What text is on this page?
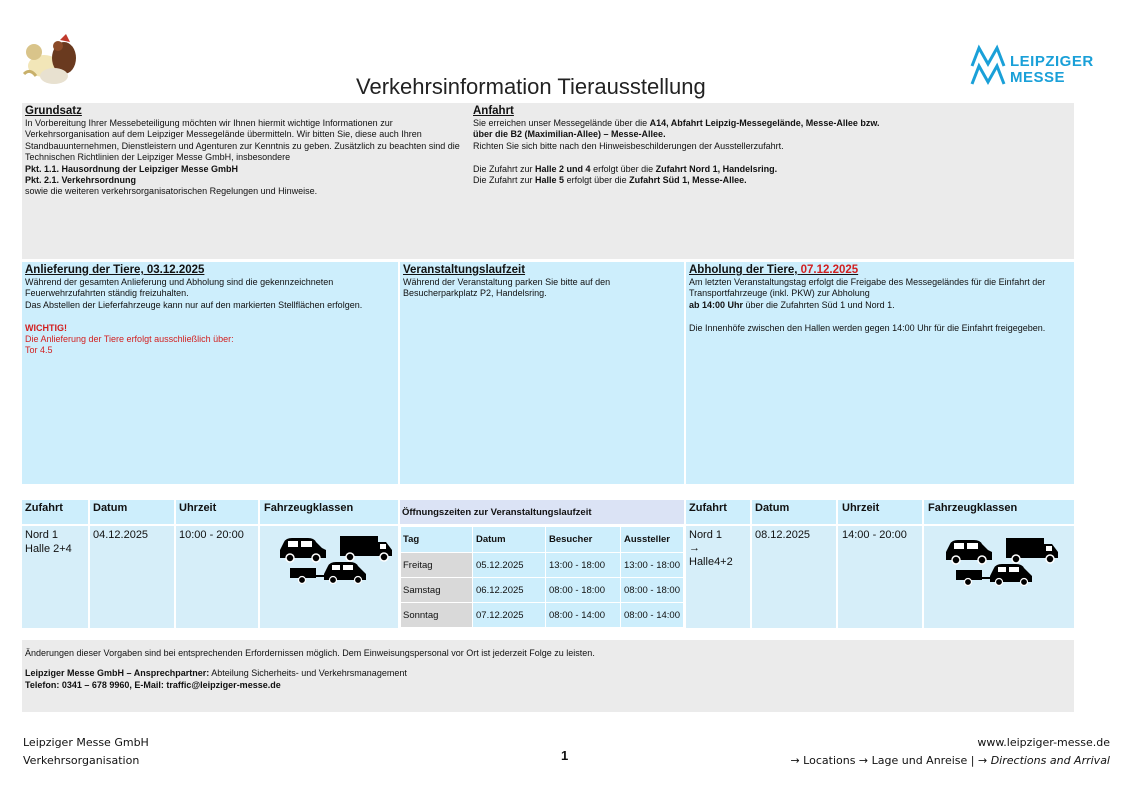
Verkehrsinformation Tierausstellung
LEIPZIGER
MESSE
Grundsatz
In Vorbereitung Ihrer Messebeteiligung möchten wir Ihnen hiermit wichtige Informationen zur Verkehrsorganisation auf dem Leipziger Messegelände übermitteln. Wir bitten Sie, diese auch Ihren Standbauunternehmen, Dienstleistern und Agenturen zur Kenntnis zu geben. Zusätzlich zu beachten sind die Technischen Richtlinien der Leipziger Messe GmbH, insbesondere
Pkt. 1.1. Hausordnung der Leipziger Messe GmbH
Pkt. 2.1. Verkehrsordnung
sowie die weiteren verkehrsorganisatorischen Regelungen und Hinweise.
Anfahrt
Sie erreichen unser Messegelände über die A14, Abfahrt Leipzig-Messegelände, Messe-Allee bzw.
über die B2 (Maximilian-Allee) – Messe-Allee.
Richten Sie sich bitte nach den Hinweisbeschilderungen der Ausstellerzufahrt.

Die Zufahrt zur Halle 2 und 4 erfolgt über die Zufahrt Nord 1, Handelsring.
Die Zufahrt zur Halle 5 erfolgt über die Zufahrt Süd 1, Messe-Allee.
Anlieferung der Tiere, 03.12.2025
Während der gesamten Anlieferung und Abholung sind die gekennzeichneten Feuerwehrzufahrten ständig freizuhalten.
Das Abstellen der Lieferfahrzeuge kann nur auf den markierten Stellflächen erfolgen.

WICHTIG!
Die Anlieferung der Tiere erfolgt ausschließlich über:
Tor 4.5
Veranstaltungslaufzeit
Während der Veranstaltung parken Sie bitte auf den Besucherparkplatz P2, Handelsring.
Abholung der Tiere, 07.12.2025
Am letzten Veranstaltungstag erfolgt die Freigabe des Messegeländes für die Einfahrt der Transportfahrzeuge (inkl. PKW) zur Abholung
ab 14:00 Uhr über die Zufahrten Süd 1 und Nord 1.

Die Innenhöfe zwischen den Hallen werden gegen 14:00 Uhr für die Einfahrt freigegeben.
Zufahrt	Datum	Uhrzeit	Fahrzeugklassen
Nord 1
Halle 2+4
04.12.2025	10:00 - 20:00
Öffnungszeiten zur Veranstaltungslaufzeit
Tag	Datum	Besucher	Aussteller
Freitag	05.12.2025	13:00 - 18:00	13:00 - 18:00
Samstag	06.12.2025	08:00 - 18:00	08:00 - 18:00
Sonntag	07.12.2025	08:00 - 14:00	08:00 - 14:00
Zufahrt	Datum	Uhrzeit	Fahrzeugklassen
Nord 1
→
Halle4+2
08.12.2025	14:00 - 20:00
Änderungen dieser Vorgaben sind bei entsprechenden Erfordernissen möglich. Dem Einweisungspersonal vor Ort ist jederzeit Folge zu leisten.
Leipziger Messe GmbH – Ansprechpartner: Abteilung Sicherheits- und Verkehrsmanagement
Telefon: 0341 – 678 9960, E-Mail: traffic@leipziger-messe.de
Leipziger Messe GmbH
Verkehrsorganisation	1
www.leipziger-messe.de
→ Locations → Lage und Anreise | → Directions and Arrival
